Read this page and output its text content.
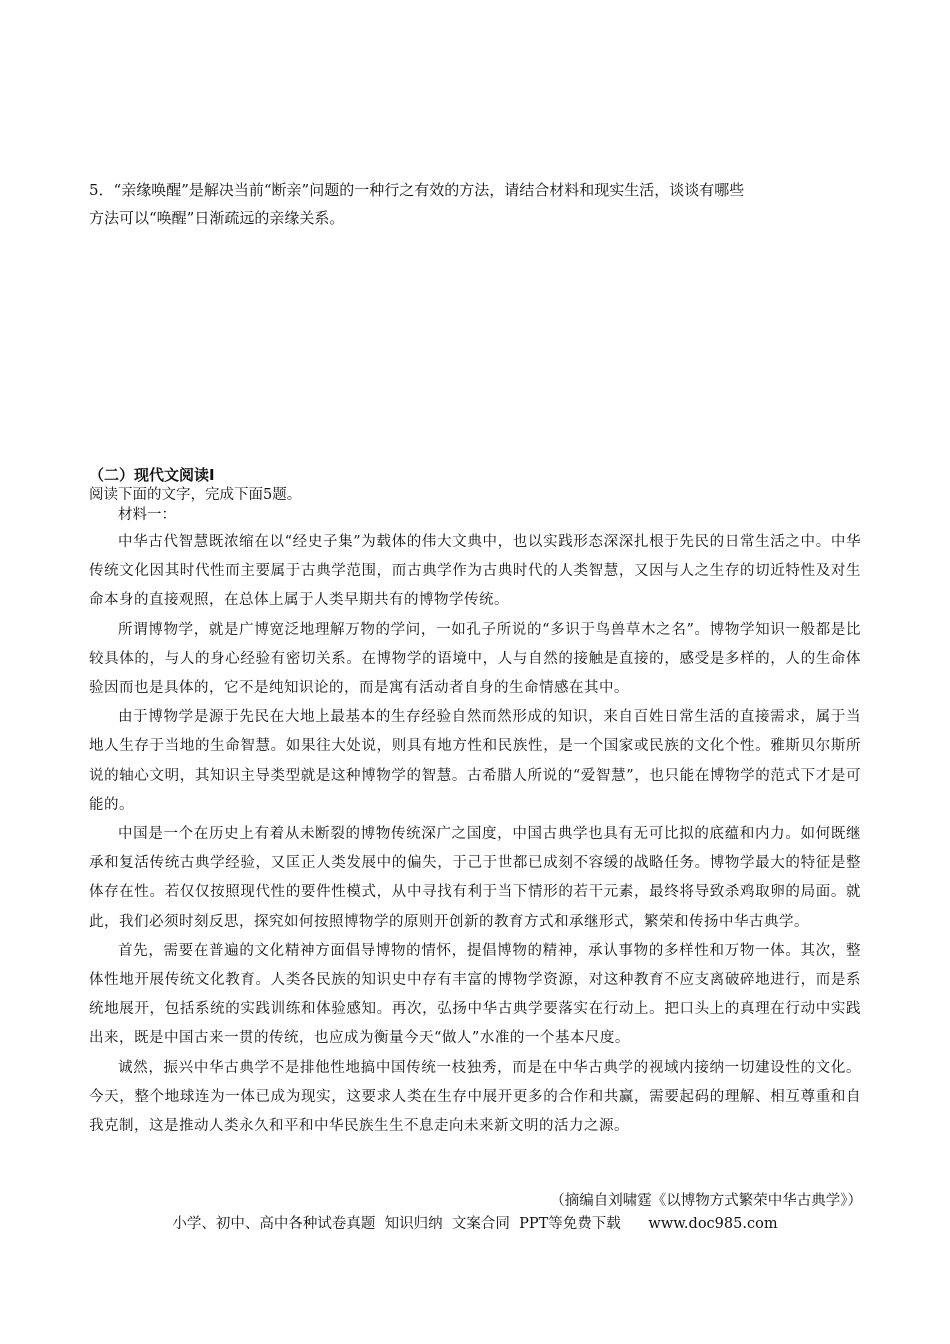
5．“亲缘唤醒”是解决当前“断亲”问题的一种行之有效的方法，请结合材料和现实生活，谈谈有哪些

方法可以“唤醒”日渐疏远的亲缘关系。

（二）现代文阅读Ⅰ
阅读下面的文字，完成下面5题。
材料一：

中华古代智慧既浓缩在以“经史子集”为载体的伟大文典中，也以实践形态深深扎根于先民的日常生活之中。中华传统文化因其时代性而主要属于古典学范围，而古典学作为古典时代的人类智慧，又因与人之生存的切近特性及对生命本身的直接观照，在总体上属于人类早期共有的博物学传统。

所谓博物学，就是广博宽泛地理解万物的学问，一如孔子所说的“多识于鸟兽草木之名”。博物学知识一般都是比较具体的，与人的身心经验有密切关系。在博物学的语境中，人与自然的接触是直接的，感受是多样的，人的生命体验因而也是具体的，它不是纯知识论的，而是寓有活动者自身的生命情感在其中。

由于博物学是源于先民在大地上最基本的生存经验自然而然形成的知识，来自百姓日常生活的直接需求，属于当地人生存于当地的生命智慧。如果往大处说，则具有地方性和民族性，是一个国家或民族的文化个性。雅斯贝尔斯所说的轴心文明，其知识主导类型就是这种博物学的智慧。古希腊人所说的“爱智慧”，也只能在博物学的范式下才是可能的。

中国是一个在历史上有着从未断裂的博物传统深广之国度，中国古典学也具有无可比拟的底蕴和内力。如何既继承和复活传统古典学经验，又匡正人类发展中的偏失，于己于世都已成刻不容缓的战略任务。博物学最大的特征是整体存在性。若仅仅按照现代性的要件性模式，从中寻找有利于当下情形的若干元素，最终将导致杀鸡取卵的局面。就此，我们必须时刻反思，探究如何按照博物学的原则开创新的教育方式和承继形式，繁荣和传扬中华古典学。

首先，需要在普遍的文化精神方面倡导博物的情怀，提倡博物的精神，承认事物的多样性和万物一体。其次，整体性地开展传统文化教育。人类各民族的知识史中存有丰富的博物学资源，对这种教育不应支离破碎地进行，而是系统地展开，包括系统的实践训练和体验感知。再次，弘扬中华古典学要落实在行动上。把口头上的真理在行动中实践出来，既是中国古来一贯的传统，也应成为衡量今天“做人”水准的一个基本尺度。

诚然，振兴中华古典学不是排他性地搞中国传统一枝独秀，而是在中华古典学的视域内接纳一切建设性的文化。今天，整个地球连为一体已成为现实，这要求人类在生存中展开更多的合作和共赢，需要起码的理解、相互尊重和自我克制，这是推动人类永久和平和中华民族生生不息走向未来新文明的活力之源。

（摘编自刘啸霆《以博物方式繁荣中华古典学》）
小学、初中、高中各种试卷真题  知识归纳  文案合同  PPT等免费下载 www.doc985.com
